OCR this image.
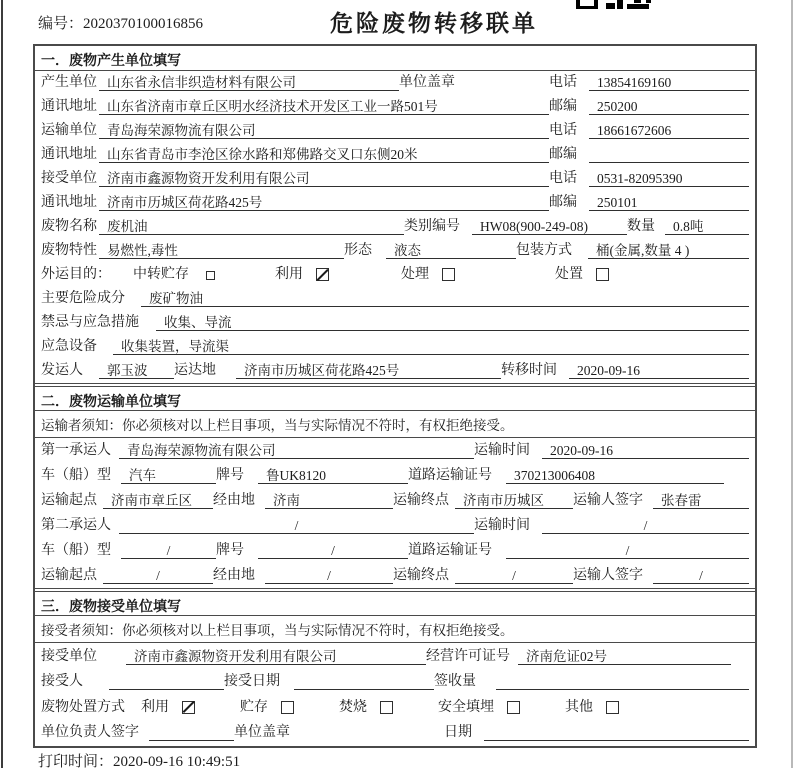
编号：2020370100016856	危险废物转移联单
一．废物产生单位填写
产生单位 山东省永信非织造材料有限公司	单位盖章	电话	13854169160
通讯地址 山东省济南市章丘区明水经济技术开发区工业一路501号	邮编	250200
运输单位 青岛海荣源物流有限公司	电话	18661672606
通讯地址 山东省青岛市李沧区徐水路和郑佛路交叉口东侧20米	邮编
接受单位 济南市鑫源物资开发利用有限公司	电话	0531-82095390
通讯地址 济南市历城区荷花路425号	邮编	250101
废物名称 废机油	类别编号	HW08(900-249-08)	数量	0.8吨
废物特性 易燃性,毒性	形态	液态	包装方式	桶(金属,数量 4 )
外运目的：	中转贮存	利用	处理	处置
主要危险成分	废矿物油
禁忌与应急措施	收集、导流
应急设备	收集装置，导流渠
发运人	郭玉波	运达地	济南市历城区荷花路425号	转移时间	2020-09-16
二．废物运输单位填写
运输者须知：你必须核对以上栏目事项，当与实际情况不符时，有权拒绝接受。
第一承运人	青岛海荣源物流有限公司	运输时间	2020-09-16
车（船）型	汽车	牌号	鲁UK8120	道路运输证号	370213006408
运输起点	济南市章丘区	经由地	济南	运输终点	济南市历城区	运输人签字	张春雷
第二承运人	/	运输时间	/
车（船）型	/	牌号	/	道路运输证号	/
运输起点	/	经由地	/	运输终点	/	运输人签字	/
三．废物接受单位填写
接受者须知：你必须核对以上栏目事项，当与实际情况不符时，有权拒绝接受。
接受单位	济南市鑫源物资开发利用有限公司	经营许可证号	济南危证02号
接受人	接受日期	签收量
废物处置方式	利用	贮存	焚烧	安全填埋	其他
单位负责人签字	单位盖章	日期
打印时间：2020-09-16 10:49:51
